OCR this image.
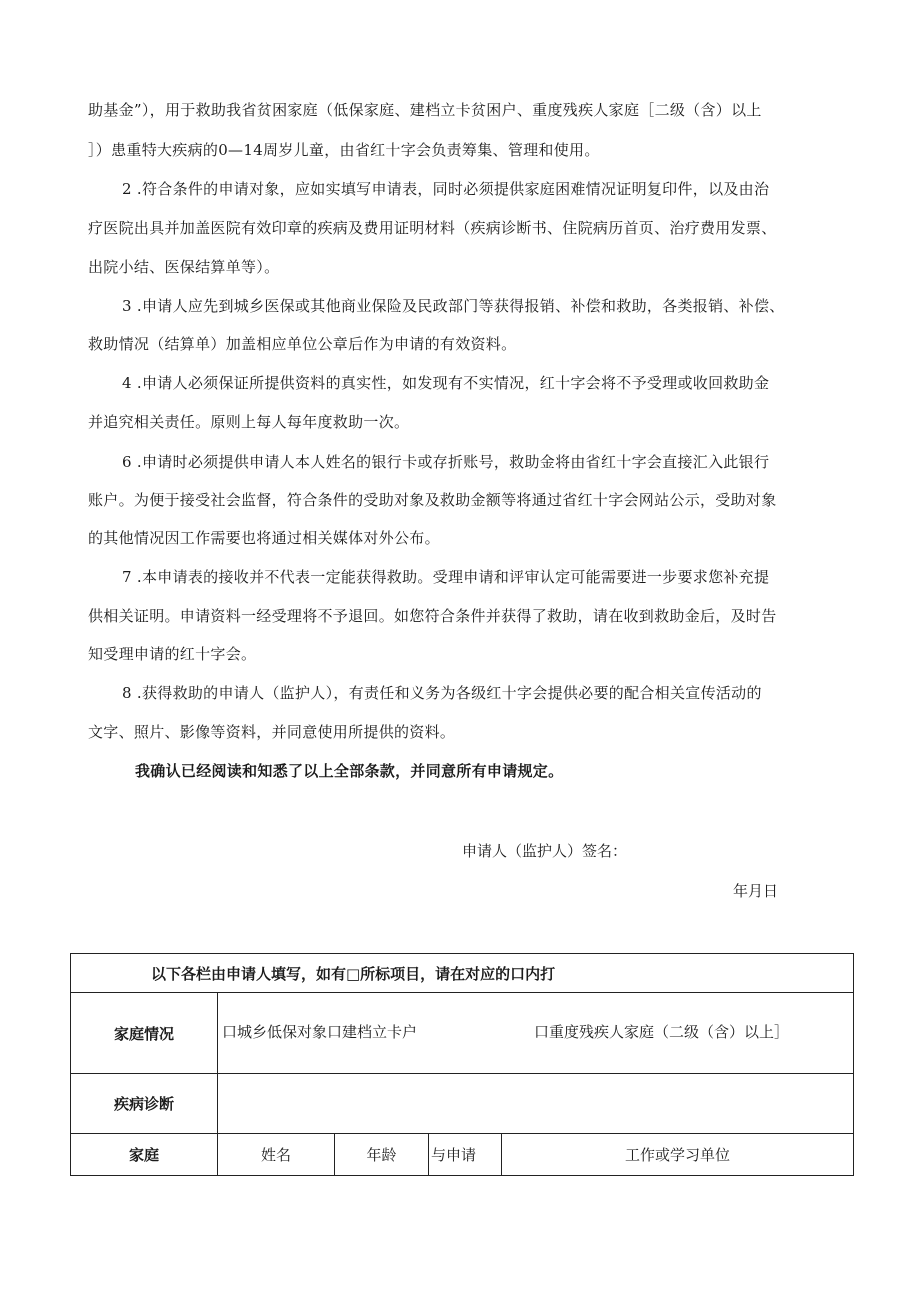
助基金”），用于救助我省贫困家庭（低保家庭、建档立卡贫困户、重度残疾人家庭［二级（含）以上
］）患重特大疾病的0—14周岁儿童，由省红十字会负责筹集、管理和使用。
2 .符合条件的申请对象，应如实填写申请表，同时必须提供家庭困难情况证明复印件，以及由治
疗医院出具并加盖医院有效印章的疾病及费用证明材料（疾病诊断书、住院病历首页、治疗费用发票、
出院小结、医保结算单等）。
3 .申请人应先到城乡医保或其他商业保险及民政部门等获得报销、补偿和救助，各类报销、补偿、
救助情况（结算单）加盖相应单位公章后作为申请的有效资料。
4 .申请人必须保证所提供资料的真实性，如发现有不实情况，红十字会将不予受理或收回救助金
并追究相关责任。原则上每人每年度救助一次。
6 .申请时必须提供申请人本人姓名的银行卡或存折账号，救助金将由省红十字会直接汇入此银行
账户。为便于接受社会监督，符合条件的受助对象及救助金额等将通过省红十字会网站公示，受助对象
的其他情况因工作需要也将通过相关媒体对外公布。
7 .本申请表的接收并不代表一定能获得救助。受理申请和评审认定可能需要进一步要求您补充提
供相关证明。申请资料一经受理将不予退回。如您符合条件并获得了救助，请在收到救助金后，及时告
知受理申请的红十字会。
8 .获得救助的申请人（监护人），有责任和义务为各级红十字会提供必要的配合相关宣传活动的
文字、照片、影像等资料，并同意使用所提供的资料。
我确认已经阅读和知悉了以上全部条款，并同意所有申请规定。
申请人（监护人）签名：
年月日
以下各栏由申请人填写，如有□所标项目，请在对应的口内打				
家庭情况	口城乡低保对象口建档立卡户 口重度残疾人家庭（二级（含）以上］			

疾病诊断				
家庭	姓名	年龄	与申请	工作或学习单位
